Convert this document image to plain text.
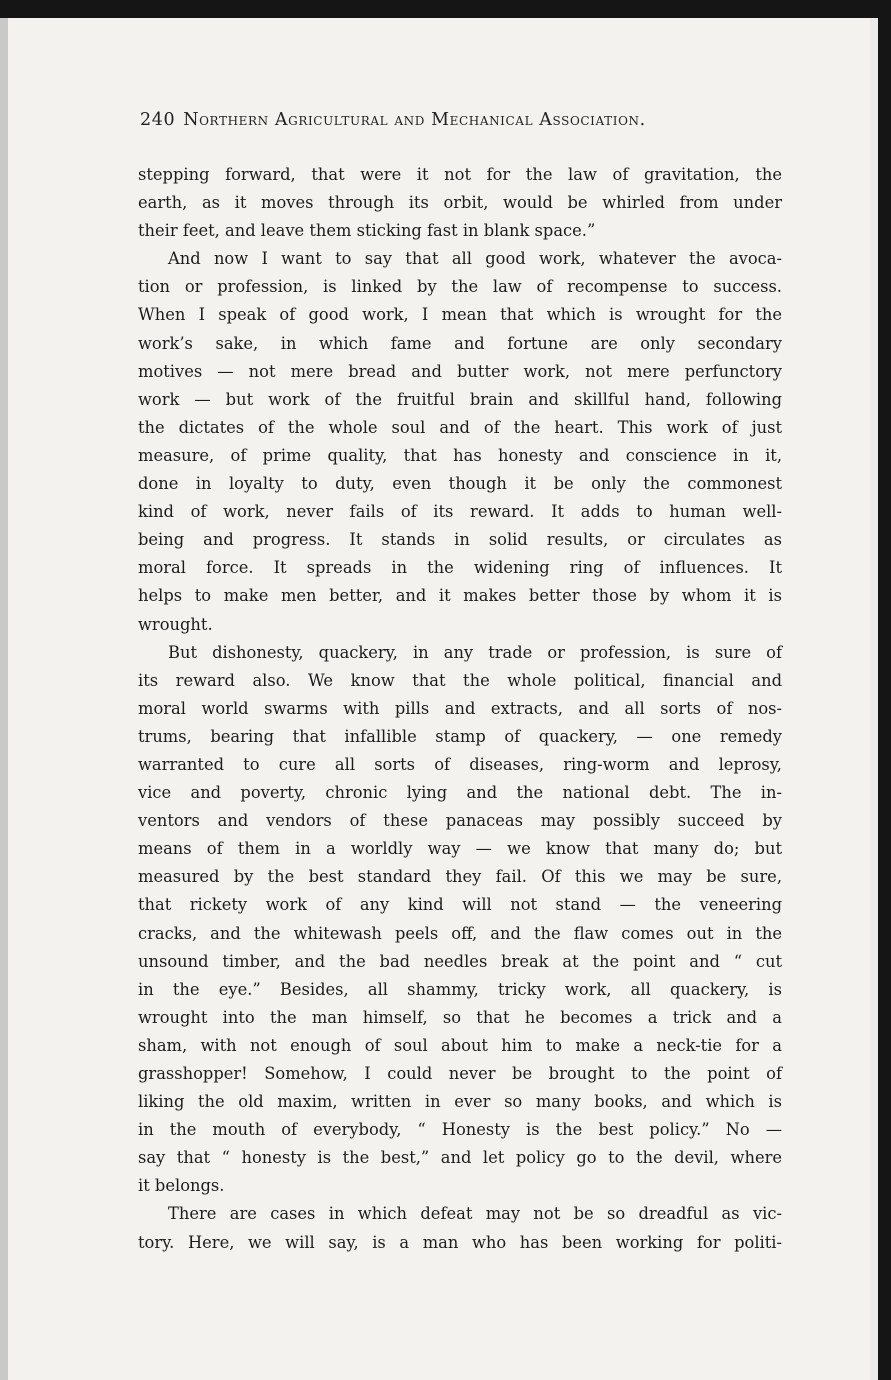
240 Northern Agricultural and Mechanical Association.
stepping forward, that were it not for the law of gravitation, the
earth, as it moves through its orbit, would be whirled from under
their feet, and leave them sticking fast in blank space.”
And now I want to say that all good work, whatever the avoca-
tion or profession, is linked by the law of recompense to success.
When I speak of good work, I mean that which is wrought for the
work’s sake, in which fame and fortune are only secondary
motives — not mere bread and butter work, not mere perfunctory
work — but work of the fruitful brain and skillful hand, following
the dictates of the whole soul and of the heart. This work of just
measure, of prime quality, that has honesty and conscience in it,
done in loyalty to duty, even though it be only the commonest
kind of work, never fails of its reward. It adds to human well-
being and progress. It stands in solid results, or circulates as
moral force. It spreads in the widening ring of influences. It
helps to make men better, and it makes better those by whom it is
wrought.
But dishonesty, quackery, in any trade or profession, is sure of
its reward also. We know that the whole political, financial and
moral world swarms with pills and extracts, and all sorts of nos-
trums, bearing that infallible stamp of quackery, — one remedy
warranted to cure all sorts of diseases, ring-worm and leprosy,
vice and poverty, chronic lying and the national debt. The in-
ventors and vendors of these panaceas may possibly succeed by
means of them in a worldly way — we know that many do; but
measured by the best standard they fail. Of this we may be sure,
that rickety work of any kind will not stand — the veneering
cracks, and the whitewash peels off, and the flaw comes out in the
unsound timber, and the bad needles break at the point and “ cut
in the eye.” Besides, all shammy, tricky work, all quackery, is
wrought into the man himself, so that he becomes a trick and a
sham, with not enough of soul about him to make a neck-tie for a
grasshopper! Somehow, I could never be brought to the point of
liking the old maxim, written in ever so many books, and which is
in the mouth of everybody, “ Honesty is the best policy.” No —
say that “ honesty is the best,” and let policy go to the devil, where
it belongs.
There are cases in which defeat may not be so dreadful as vic-
tory. Here, we will say, is a man who has been working for politi-
